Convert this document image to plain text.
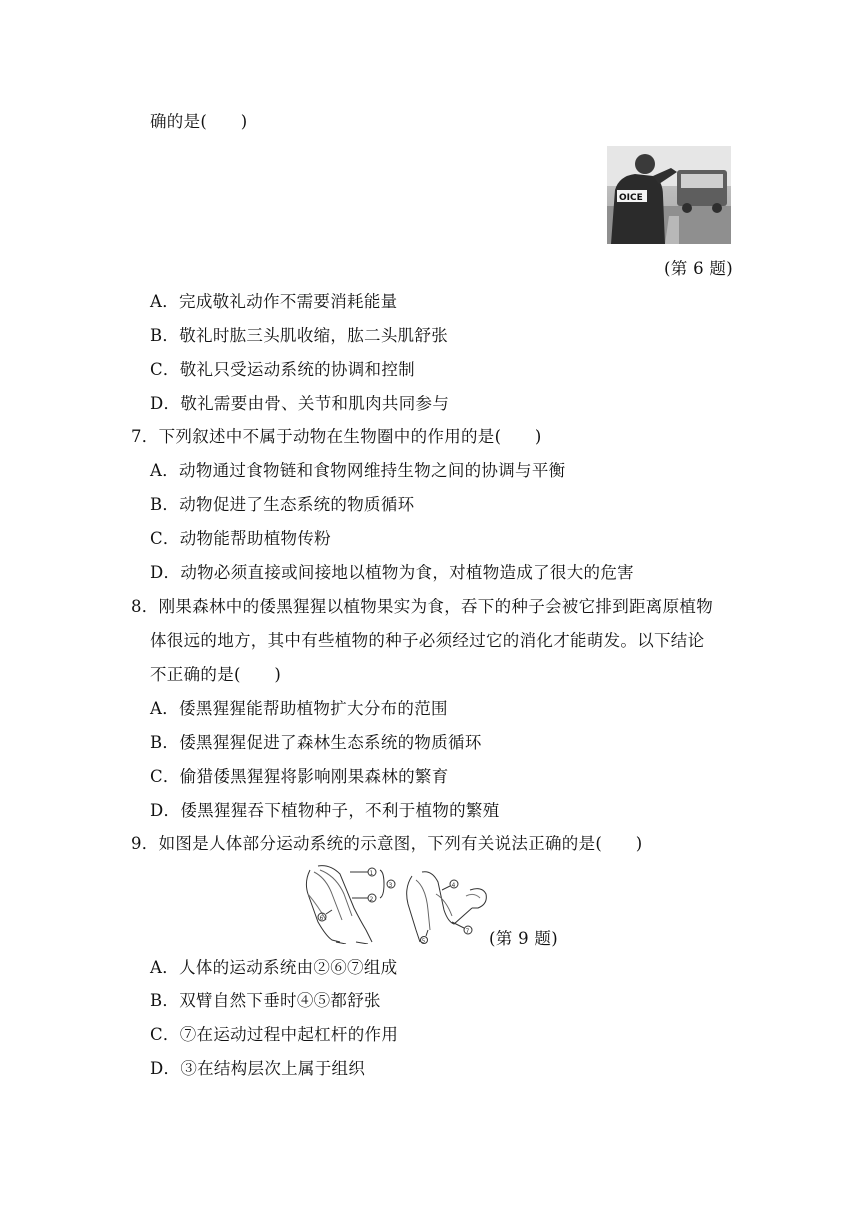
确的是(　　)
OICE
(第 6 题)
A．完成敬礼动作不需要消耗能量
B．敬礼时肱三头肌收缩，肱二头肌舒张
C．敬礼只受运动系统的协调和控制
D．敬礼需要由骨、关节和肌肉共同参与
7．下列叙述中不属于动物在生物圈中的作用的是(　　)
A．动物通过食物链和食物网维持生物之间的协调与平衡
B．动物促进了生态系统的物质循环
C．动物能帮助植物传粉
D．动物必须直接或间接地以植物为食，对植物造成了很大的危害
8．刚果森林中的倭黑猩猩以植物果实为食，吞下的种子会被它排到距离原植物
体很远的地方，其中有些植物的种子必须经过它的消化才能萌发。以下结论
不正确的是(　　)
A．倭黑猩猩能帮助植物扩大分布的范围
B．倭黑猩猩促进了森林生态系统的物质循环
C．偷猎倭黑猩猩将影响刚果森林的繁育
D．倭黑猩猩吞下植物种子，不利于植物的繁殖
9．如图是人体部分运动系统的示意图，下列有关说法正确的是(　　)
1
2
3
6
4
5
7 (第 9 题)
A．人体的运动系统由②⑥⑦组成
B．双臂自然下垂时④⑤都舒张
C．⑦在运动过程中起杠杆的作用
D．③在结构层次上属于组织
